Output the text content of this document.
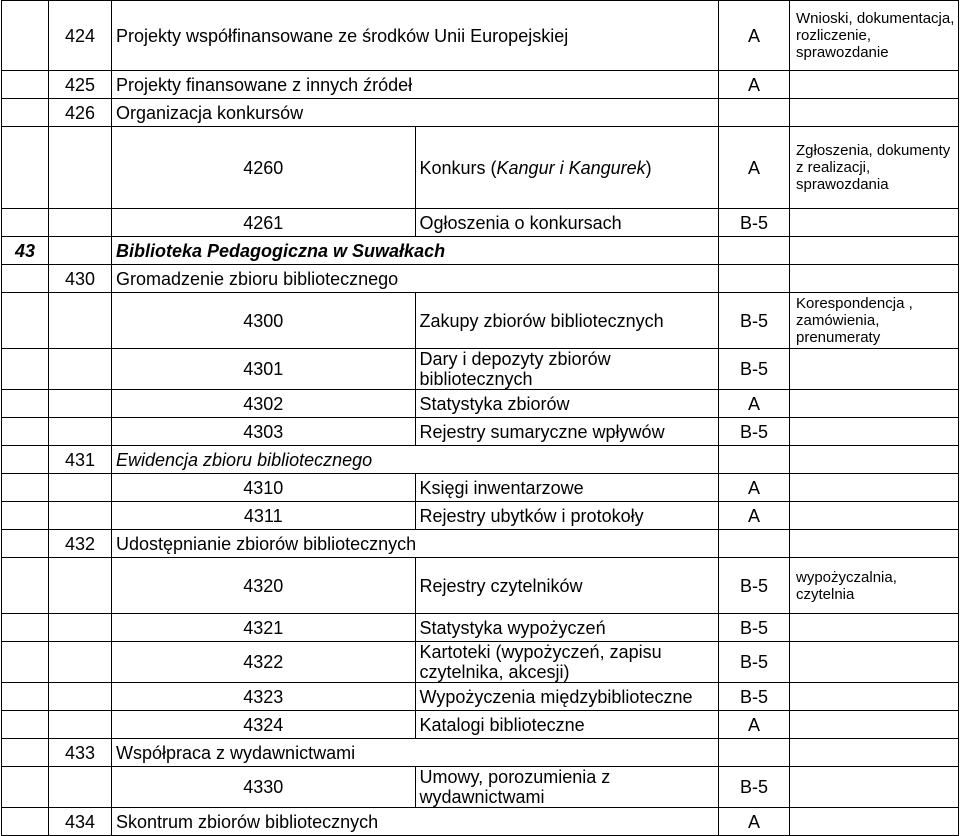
	424	Projekty współfinansowane ze środków Unii Europejskiej		A	Wnioski, dokumentacja, rozliczenie, sprawozdanie
	425	Projekty finansowane z innych źródeł		A	
	426	Organizacja konkursów			
		4260	Konkurs (Kangur i Kangurek)	A	Zgłoszenia, dokumenty z realizacji, sprawozdania
		4261	Ogłoszenia o konkursach	B-5	
43		Biblioteka Pedagogiczna w Suwałkach			
	430	Gromadzenie zbioru bibliotecznego			
		4300	Zakupy zbiorów bibliotecznych	B-5	Korespondencja , zamówienia, prenumeraty
		4301	Dary i depozyty zbiorów bibliotecznych	B-5	
		4302	Statystyka zbiorów	A	
		4303	Rejestry sumaryczne wpływów	B-5	
	431	Ewidencja zbioru bibliotecznego			
		4310	Księgi inwentarzowe	A	
		4311	Rejestry ubytków i protokoły	A	
	432	Udostępnianie zbiorów bibliotecznych			
		4320	Rejestry czytelników	B-5	wypożyczalnia, czytelnia
		4321	Statystyka wypożyczeń	B-5	
		4322	Kartoteki (wypożyczeń, zapisu czytelnika, akcesji)	B-5	
		4323	Wypożyczenia międzybiblioteczne	B-5	
		4324	Katalogi biblioteczne	A	
	433	Współpraca z wydawnictwami			
		4330	Umowy, porozumienia z wydawnictwami	B-5	
	434	Skontrum zbiorów bibliotecznych		A	
